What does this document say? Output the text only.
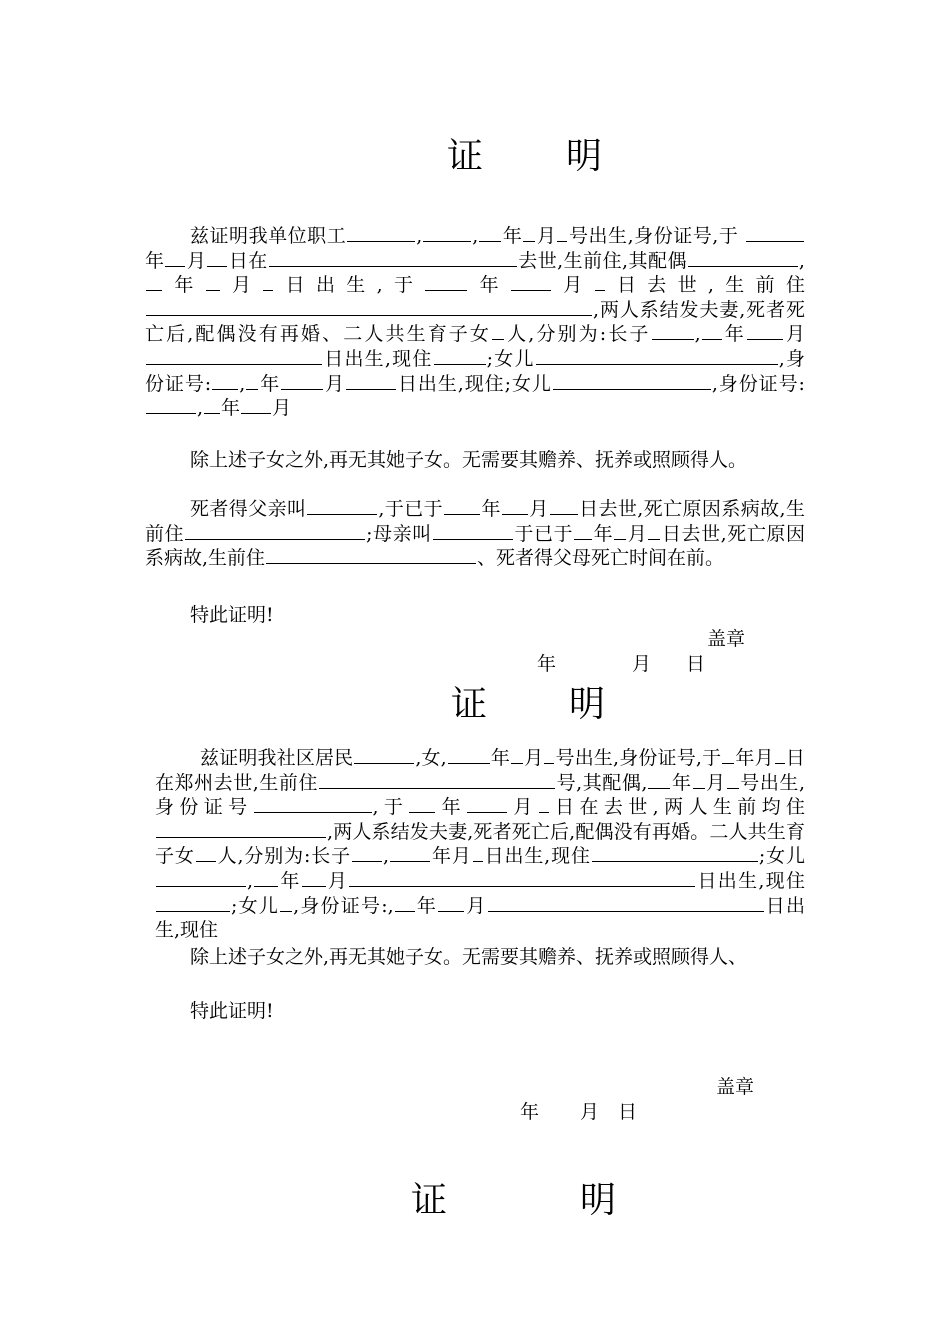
证 明
兹证明我单位职工	,	, 年 月 号出生,身份证号,于 年 月 日在	去世,生前住,其配偶	,年 月 日出生,于 年 月 日去世,生前住,两人系结发夫妻,死者死亡后,配偶没有再婚、二人共生育子女 人,分别为:长子 , 年 月日出生,现住	;女儿	,身份证号: , 年 月	日出生,现住;女儿	,身份证号:, 年 月
除上述子女之外,再无其她子女。无需要其赡养、抚养或照顾得人。
死者得父亲叫	,于已于 年 月 日去世,死亡原因系病故,生前住	;母亲叫	于已于 年 月 日去世,死亡原因系病故,生前住	、死者得父母死亡时间在前。
特此证明!
盖章
年	月 日
证 明
兹证明我社区居民	,女, 年 月 号出生,身份证号,于 年月 日在郑州去世,生前住	号,其配偶, 年 月 号出生,身份证号	,于 年 月 日在去世,两人生前均住,两人系结发夫妻,死者死亡后,配偶没有再婚。二人共生育子女 人,分别为:长子 , 年月 日出生,现住	;女儿, 年 月	日出生,现住;女儿 ,身份证号:, 年 月	日出生,现住
除上述子女之外,再无其她子女。无需要其赡养、抚养或照顾得人、
特此证明!
盖章
年 月 日
证	明
